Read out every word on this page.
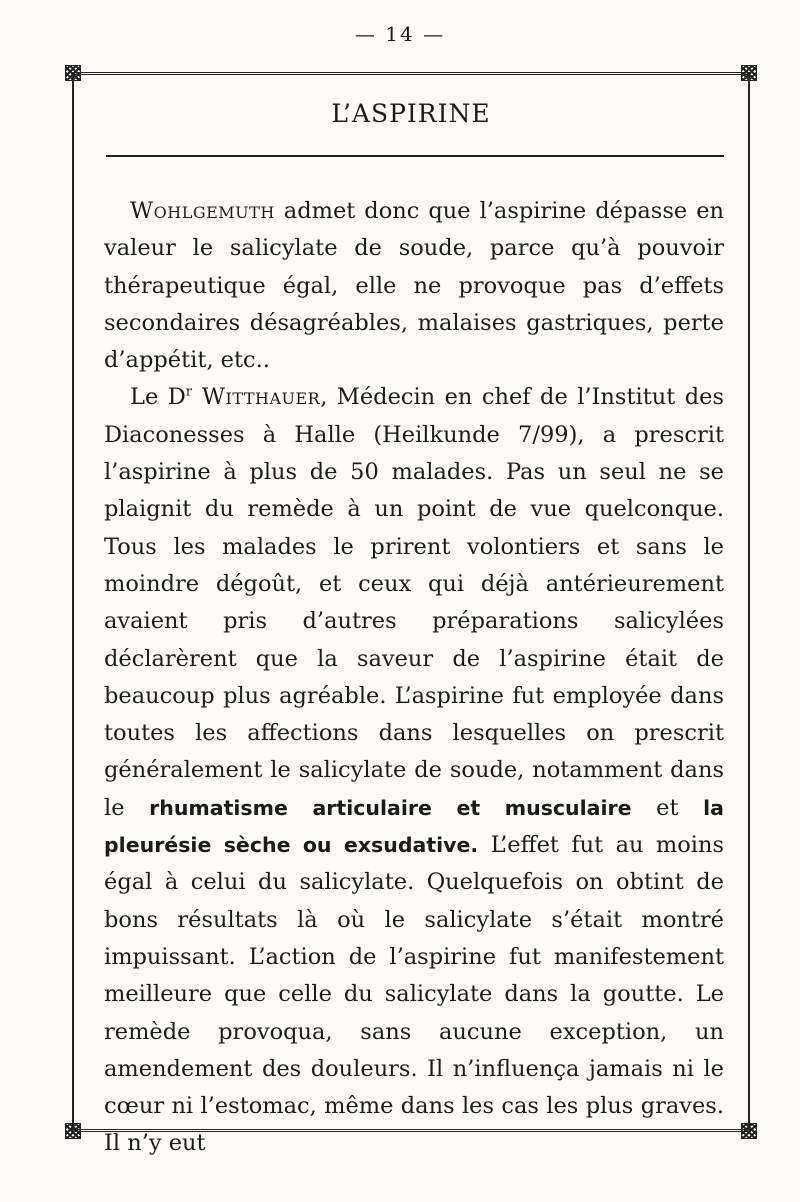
— 14 —
L’ASPIRINE

Wohlgemuth admet donc que l’aspirine dépasse en valeur le salicylate de soude, parce qu’à pouvoir thérapeutique égal, elle ne provoque pas d’effets secondaires désagréables, malaises gastriques, perte d’appétit, etc..

Le $D^r$ Witthauer, Médecin en chef de l’Institut des Diaconesses à Halle (Heilkunde 7/99), a prescrit l’aspirine à plus de 50 malades. Pas un seul ne se plaignit du remède à un point de vue quelconque. Tous les malades le prirent volontiers et sans le moindre dégoût, et ceux qui déjà antérieurement avaient pris d’autres préparations salicylées déclarèrent que la saveur de l’aspirine était de beaucoup plus agréable. L’aspirine fut employée dans toutes les affections dans lesquelles on prescrit généralement le salicylate de soude, notamment dans le rhumatisme articulaire et musculaire et la pleurésie sèche ou exsudative. L’effet fut au moins égal à celui du salicylate. Quelquefois on obtint de bons résultats là où le salicylate s’était montré impuissant. L’action de l’aspirine fut manifestement meilleure que celle du salicylate dans la goutte. Le remède provoqua, sans aucune exception, un amendement des douleurs. Il n’influença jamais ni le cœur ni l’estomac, même dans les cas les plus graves. Il n’y eut
